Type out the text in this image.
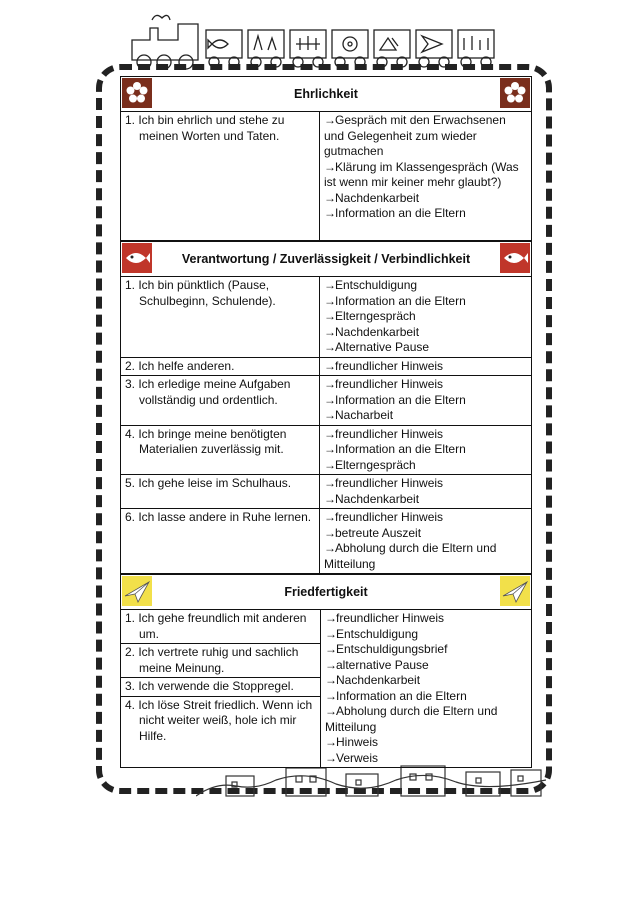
Ehrlichkeit
1. Ich bin ehrlich und stehe zu meinen Worten und Taten.

→Gespräch mit den Erwachsenen und Gelegenheit zum wieder gutmachen
→Klärung im Klassengespräch (Was ist wenn mir keiner mehr glaubt?)
→Nachdenkarbeit
→Information an die Eltern
Verantwortung / Zuverlässigkeit / Verbindlichkeit
1. Ich bin pünktlich (Pause, Schulbeginn, Schulende).	→Entschuldigung
→Information an die Eltern
→Elterngespräch
→Nachdenkarbeit
→Alternative Pause

2. Ich helfe anderen.	→freundlicher Hinweis

3. Ich erledige meine Aufgaben vollständig und ordentlich.	→freundlicher Hinweis
→Information an die Eltern
→Nacharbeit

4. Ich bringe meine benötigten Materialien zuverlässig mit.	→freundlicher Hinweis
→Information an die Eltern
→Elterngespräch

5. Ich gehe leise im Schulhaus.	→freundlicher Hinweis
→Nachdenkarbeit

6. Ich lasse andere in Ruhe lernen.	→freundlicher Hinweis
→betreute Auszeit
→Abholung durch die Eltern und Mitteilung
Friedfertigkeit
1. Ich gehe freundlich mit anderen um.
2. Ich vertrete ruhig und sachlich meine Meinung.
3. Ich verwende die Stoppregel.
4. Ich löse Streit friedlich. Wenn ich nicht weiter weiß, hole ich mir Hilfe.
→freundlicher Hinweis
→Entschuldigung
→Entschuldigungsbrief
→alternative Pause
→Nachdenkarbeit
→Information an die Eltern
→Abholung durch die Eltern und Mitteilung
→Hinweis
→Verweis
